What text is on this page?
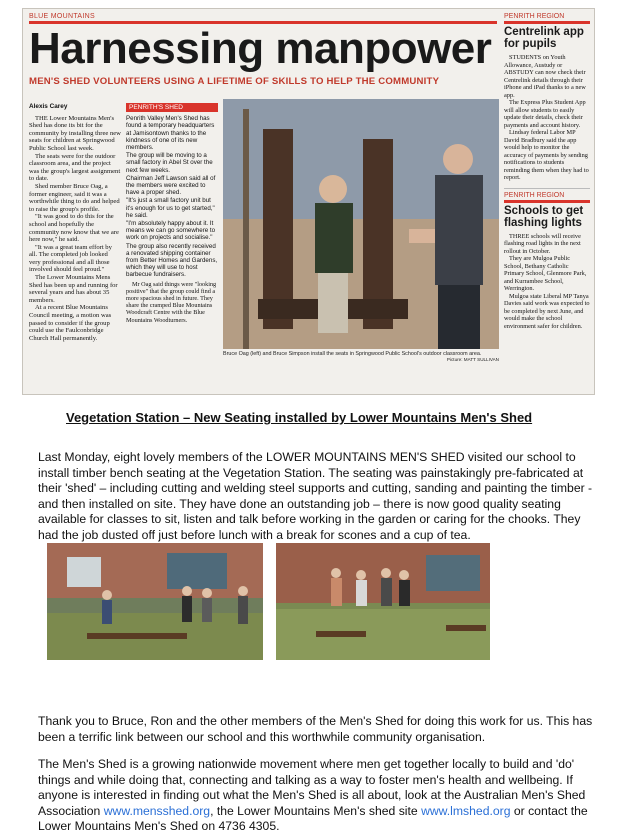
BLUE MOUNTAINS
Harnessing manpower
MEN'S SHED VOLUNTEERS USING A LIFETIME OF SKILLS TO HELP THE COMMUNITY
Alexis Carey

THE Lower Mountains Men's Shed has done its bit for the community by installing three new seats for children at Springwood Public School last week.

The seats were for the outdoor classroom area, and the project was the group's largest assignment to date.

Shed member Bruce Oag, a former engineer, said it was a worthwhile thing to do and helped to raise the group's profile.

"It was good to do this for the school and hopefully the community now know that we are here now," he said.

"It was a great team effort by all. The completed job looked very professional and all those involved should feel proud."

The Lower Mountains Mens Shed has been up and running for several years and has about 35 members.

At a recent Blue Mountains Council meeting, a motion was passed to consider if the group could use the Faulconbridge Church Hall permanently.

PENRITH'S SHED

Penrith Valley Men's Shed has found a temporary headquarters at Jamisontown thanks to the kindness of one of its new members.

The group will be moving to a small factory in Abel St over the next few weeks.

Chairman Jeff Lawson said all of the members were excited to have a proper shed.

"It's just a small factory unit but it's enough for us to get started," he said.

"I'm absolutely happy about it. It means we can go somewhere to work on projects and socialise."

The group also recently received a renovated shipping container from Better Homes and Gardens, which they will use to host barbecue fundraisers.

Mr Oag said things were "looking positive" that the group could find a more spacious shed in future. They share the cramped Blue Mountains Woodcraft Centre with the Blue Mountains Woodturners.

Bruce Oag (left) and Bruce Simpson install the seats in Springwood Public School's outdoor classroom area.
Picture: MATT SULLIVAN
PENRITH REGION
Centrelink app for pupils

STUDENTS on Youth Allowance, Austudy or ABSTUDY can now check their Centrelink details through their iPhone and iPad thanks to a new app.

The Express Plus Student App will allow students to easily update their details, check their payments and account history.

Lindsay federal Labor MP David Bradbury said the app would help to monitor the accuracy of payments by sending notifications to students reminding them when they had to report.

PENRITH REGION
Schools to get flashing lights

THREE schools will receive flashing road lights in the next rollout in October.

They are Mulgoa Public School, Bethany Catholic Primary School, Glenmore Park, and Kurrambee School, Werrington.

Mulgoa state Liberal MP Tanya Davies said work was expected to be completed by next June, and would make the school environment safer for children.

Vegetation Station – New Seating installed by Lower Mountains Men's Shed
Last Monday, eight lovely members of the LOWER MOUNTAINS MEN'S SHED visited our school to install timber bench seating at the Vegetation Station. The seating was painstakingly pre-fabricated at their 'shed' – including cutting and welding steel supports and cutting, sanding and painting the timber - and then installed on site. They have done an outstanding job – there is now good quality seating available for classes to sit, listen and talk before working in the garden or caring for the chooks. They had the job dusted off just before lunch with a break for scones and a cup of tea.
Thank you to Bruce, Ron and the other members of the Men's Shed for doing this work for us. This has been a terrific link between our school and this worthwhile community organisation.
The Men's Shed is a growing nationwide movement where men get together locally to build and 'do' things and while doing that, connecting and talking as a way to foster men's health and wellbeing. If anyone is interested in finding out what the Men's Shed is all about, look at the Australian Men's Shed Association www.mensshed.org, the Lower Mountains Men's shed site www.lmshed.org or contact the Lower Mountains Men's Shed on 4736 4305.
